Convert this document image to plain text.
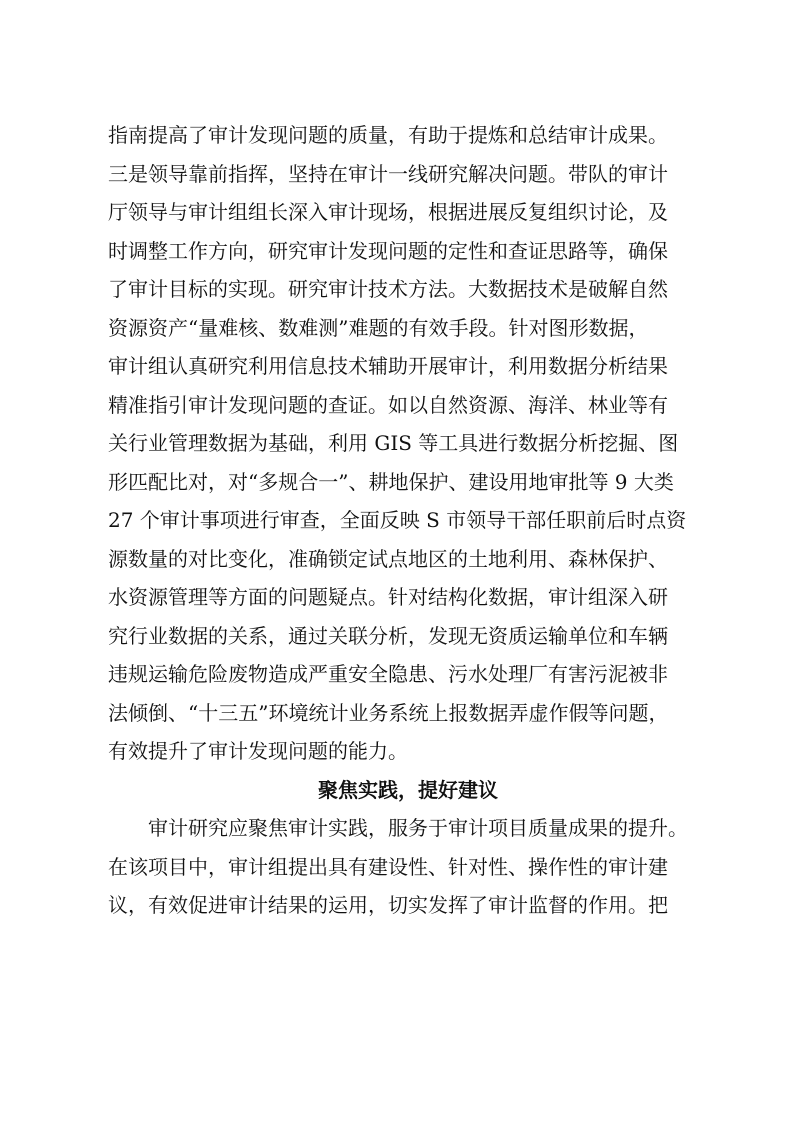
指南提高了审计发现问题的质量，有助于提炼和总结审计成果。
三是领导靠前指挥，坚持在审计一线研究解决问题。带队的审计
厅领导与审计组组长深入审计现场，根据进展反复组织讨论，及
时调整工作方向，研究审计发现问题的定性和查证思路等，确保
了审计目标的实现。研究审计技术方法。大数据技术是破解自然
资源资产“量难核、数难测”难题的有效手段。针对图形数据，
审计组认真研究利用信息技术辅助开展审计，利用数据分析结果
精准指引审计发现问题的查证。如以自然资源、海洋、林业等有
关行业管理数据为基础，利用 GIS 等工具进行数据分析挖掘、图
形匹配比对，对“多规合一”、耕地保护、建设用地审批等 9 大类
27 个审计事项进行审查，全面反映 S 市领导干部任职前后时点资
源数量的对比变化，准确锁定试点地区的土地利用、森林保护、
水资源管理等方面的问题疑点。针对结构化数据，审计组深入研
究行业数据的关系，通过关联分析，发现无资质运输单位和车辆
违规运输危险废物造成严重安全隐患、污水处理厂有害污泥被非
法倾倒、“十三五”环境统计业务系统上报数据弄虚作假等问题，
有效提升了审计发现问题的能力。
聚焦实践，提好建议
审计研究应聚焦审计实践，服务于审计项目质量成果的提升。
在该项目中，审计组提出具有建设性、针对性、操作性的审计建
议，有效促进审计结果的运用，切实发挥了审计监督的作用。把
